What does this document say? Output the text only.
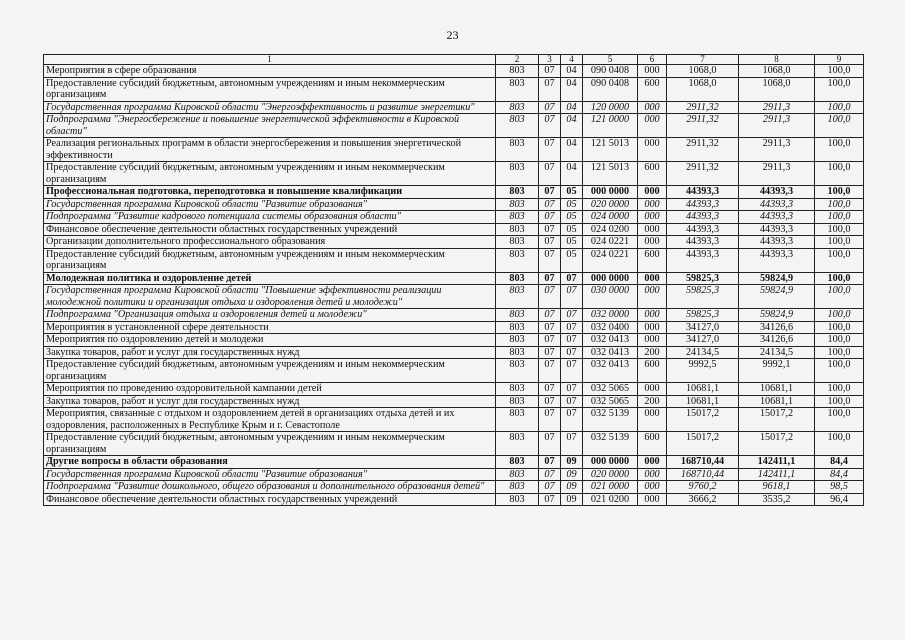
23
1	2	3	4	5	6	7	8	9
Мероприятия в сфере образования	803	07	04	090 0408	000	1068,0	1068,0	100,0
Предоставление субсидий бюджетным, автономным учреждениям и иным некоммерческим организациям	803	07	04	090 0408	600	1068,0	1068,0	100,0
Государственная программа Кировской области "Энергоэффективность и развитие энергетики"	803	07	04	120 0000	000	2911,32	2911,3	100,0
Подпрограмма "Энергосбережение и повышение энергетической эффективности в Кировской области"	803	07	04	121 0000	000	2911,32	2911,3	100,0
Реализация региональных программ в области энергосбережения и повышения энергетической эффективности	803	07	04	121 5013	000	2911,32	2911,3	100,0
Предоставление субсидий бюджетным, автономным учреждениям и иным некоммерческим организациям	803	07	04	121 5013	600	2911,32	2911,3	100,0
Профессиональная подготовка, переподготовка и повышение квалификации	803	07	05	000 0000	000	44393,3	44393,3	100,0
Государственная программа Кировской области "Развитие образования"	803	07	05	020 0000	000	44393,3	44393,3	100,0
Подпрограмма "Развитие кадрового потенциала системы образования области"	803	07	05	024 0000	000	44393,3	44393,3	100,0
Финансовое обеспечение деятельности областных государственных учреждений	803	07	05	024 0200	000	44393,3	44393,3	100,0
Организации дополнительного профессионального образования	803	07	05	024 0221	000	44393,3	44393,3	100,0
Предоставление субсидий бюджетным, автономным учреждениям и иным некоммерческим организациям	803	07	05	024 0221	600	44393,3	44393,3	100,0
Молодежная политика и оздоровление детей	803	07	07	000 0000	000	59825,3	59824,9	100,0
Государственная программа Кировской области "Повышение эффективности реализации молодежной политики и организация отдыха и оздоровления детей и молодежи"	803	07	07	030 0000	000	59825,3	59824,9	100,0
Подпрограмма "Организация отдыха и оздоровления детей и молодежи"	803	07	07	032 0000	000	59825,3	59824,9	100,0
Мероприятия в установленной сфере деятельности	803	07	07	032 0400	000	34127,0	34126,6	100,0
Мероприятия по оздоровлению детей и молодежи	803	07	07	032 0413	000	34127,0	34126,6	100,0
Закупка товаров, работ и услуг для государственных нужд	803	07	07	032 0413	200	24134,5	24134,5	100,0
Предоставление субсидий бюджетным, автономным учреждениям и иным некоммерческим организациям	803	07	07	032 0413	600	9992,5	9992,1	100,0
Мероприятия по проведению оздоровительной кампании детей	803	07	07	032 5065	000	10681,1	10681,1	100,0
Закупка товаров, работ и услуг для государственных нужд	803	07	07	032 5065	200	10681,1	10681,1	100,0
Мероприятия, связанные с отдыхом и оздоровлением детей в организациях отдыха детей и их оздоровления, расположенных в Республике Крым и г. Севастополе	803	07	07	032 5139	000	15017,2	15017,2	100,0
Предоставление субсидий бюджетным, автономным учреждениям и иным некоммерческим организациям	803	07	07	032 5139	600	15017,2	15017,2	100,0
Другие вопросы в области образования	803	07	09	000 0000	000	168710,44	142411,1	84,4
Государственная программа Кировской области "Развитие образования"	803	07	09	020 0000	000	168710,44	142411,1	84,4
Подпрограмма "Развитие дошкольного, общего образования и дополнительного образования детей"	803	07	09	021 0000	000	9760,2	9618,1	98,5
Финансовое обеспечение деятельности областных государственных учреждений	803	07	09	021 0200	000	3666,2	3535,2	96,4
